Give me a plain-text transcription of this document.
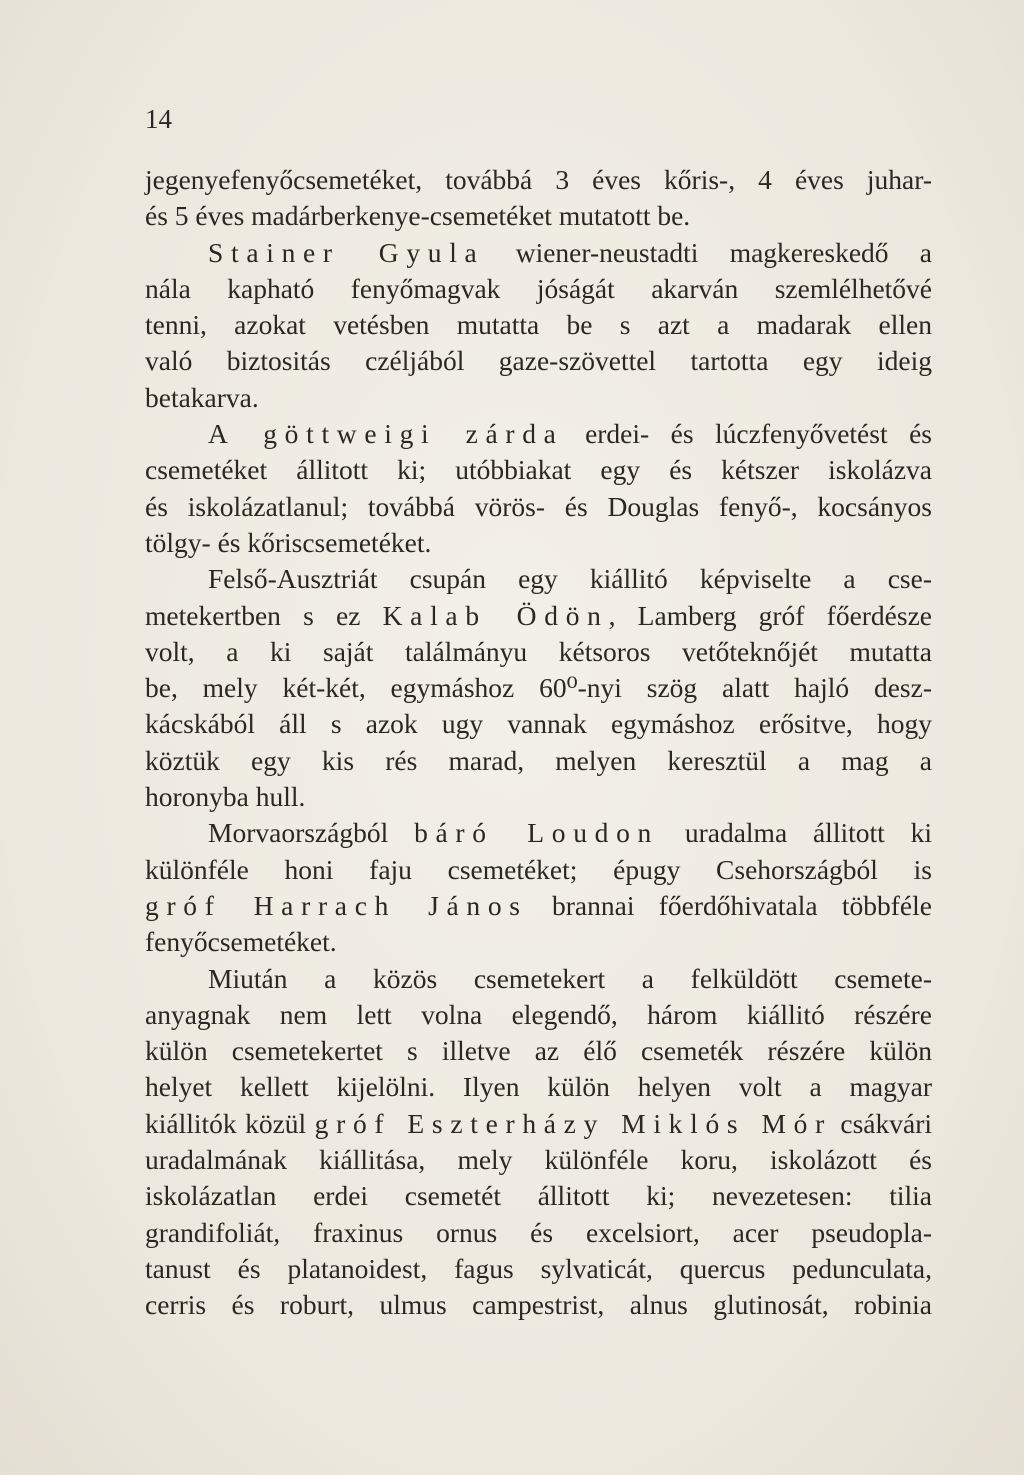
14
jegenyefenyőcsemetéket, továbbá 3 éves kőris-, 4 éves juhar-
és 5 éves madárberkenye-csemetéket mutatott be.
Stainer Gyula wiener-neustadti magkereskedő a
nála kapható fenyőmagvak jóságát akarván szemlélhetővé
tenni, azokat vetésben mutatta be s azt a madarak ellen
való biztositás czéljából gaze-szövettel tartotta egy ideig
betakarva.
A göttweigi zárda erdei- és lúczfenyővetést és
csemetéket állitott ki; utóbbiakat egy és kétszer iskolázva
és iskolázatlanul; továbbá vörös- és Douglas fenyő-, kocsányos
tölgy- és kőriscsemetéket.
Felső-Ausztriát csupán egy kiállitó képviselte a cse-
metekertben s ez Kalab Ödön, Lamberg gróf főerdésze
volt, a ki saját találmányu kétsoros vetőteknőjét mutatta
be, mely két-két, egymáshoz 60⁰-nyi szög alatt hajló desz-
kácskából áll s azok ugy vannak egymáshoz erősitve, hogy
köztük egy kis rés marad, melyen keresztül a mag a
horonyba hull.
Morvaországból báró Loudon uradalma állitott ki
különféle honi faju csemetéket; épugy Csehországból is
gróf Harrach János brannai főerdőhivatala többféle
fenyőcsemetéket.
Miután a közös csemetekert a felküldött csemete-
anyagnak nem lett volna elegendő, három kiállitó részére
külön csemetekertet s illetve az élő csemeték részére külön
helyet kellett kijelölni. Ilyen külön helyen volt a magyar
kiállitók közül gróf Eszterházy Miklós Mór csákvári
uradalmának kiállitása, mely különféle koru, iskolázott és
iskolázatlan erdei csemetét állitott ki; nevezetesen: tilia
grandifoliát, fraxinus ornus és excelsiort, acer pseudopla-
tanust és platanoidest, fagus sylvaticát, quercus pedunculata,
cerris és roburt, ulmus campestrist, alnus glutinosát, robinia
